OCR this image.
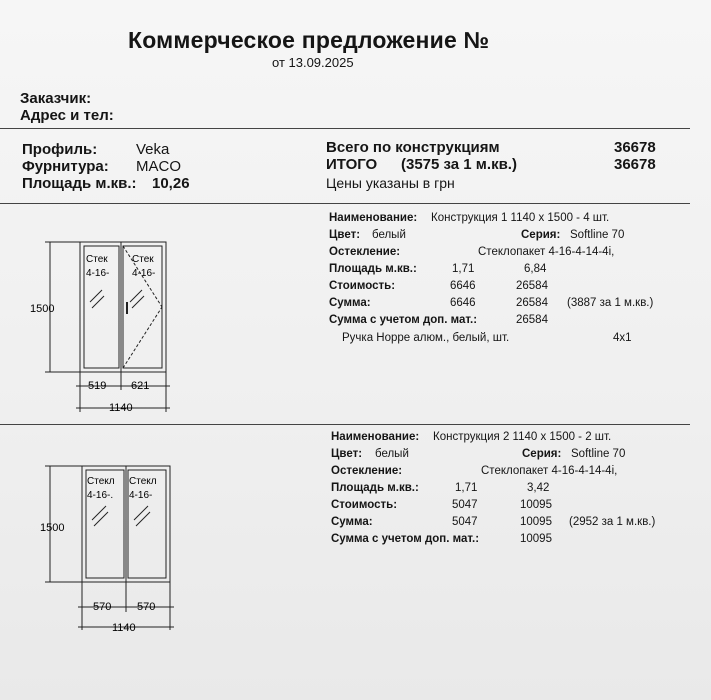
Коммерческое предложение №
от 13.09.2025
Заказчик:
Адрес и тел:
Профиль:	Veka
Фурнитура: MACO
Площадь м.кв.: 10,26
Всего по конструкциям	36678
ИТОГО (3575 за 1 м.кв.)	36678
Цены указаны в грн
1500
Стек
4-16-
Стек
4-16-
519 621
1140
Наименование: Конструкция 1 1140 х 1500 - 4 шт.
Цвет: белый	Серия: Softline 70
Остекление:	Стеклопакет 4-16-4-14-4i,
Площадь м.кв.:	1,71	6,84
Стоимость:	6646	26584
Сумма:	6646	26584 (3887 за 1 м.кв.)
Сумма с учетом доп. мат.:	26584
Ручка Hoppe алюм., белый, шт.	4x1
1500
Стекл
4-16-.
Стекл
4-16-
570 570
1140
Наименование: Конструкция 2 1140 х 1500 - 2 шт.
Цвет: белый	Серия: Softline 70
Остекление:	Стеклопакет 4-16-4-14-4i,
Площадь м.кв.:	1,71	3,42
Стоимость:	5047	10095
Сумма:	5047	10095 (2952 за 1 м.кв.)
Сумма с учетом доп. мат.:	10095
